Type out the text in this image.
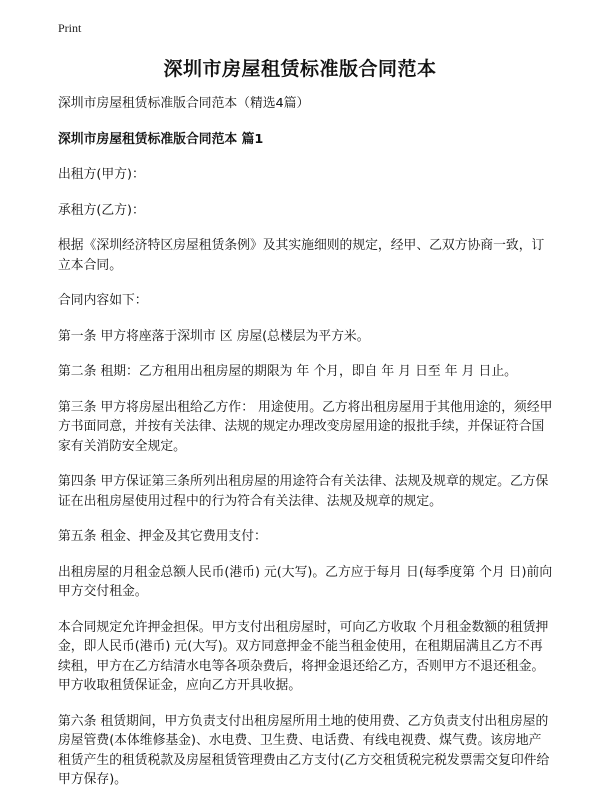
Print
深圳市房屋租赁标准版合同范本

深圳市房屋租赁标准版合同范本（精选4篇）

深圳市房屋租赁标准版合同范本 篇1

出租方(甲方)：

承租方(乙方)：

根据《深圳经济特区房屋租赁条例》及其实施细则的规定，经甲、乙双方协商一致，订立本合同。

合同内容如下：

第一条 甲方将座落于深圳市 区 房屋(总楼层为平方米。

第二条 租期：乙方租用出租房屋的期限为 年 个月，即自 年 月 日至 年 月 日止。

第三条 甲方将房屋出租给乙方作： 用途使用。乙方将出租房屋用于其他用途的，须经甲方书面同意，并按有关法律、法规的规定办理改变房屋用途的报批手续，并保证符合国家有关消防安全规定。

第四条 甲方保证第三条所列出租房屋的用途符合有关法律、法规及规章的规定。乙方保证在出租房屋使用过程中的行为符合有关法律、法规及规章的规定。

第五条 租金、押金及其它费用支付：

出租房屋的月租金总额人民币(港币) 元(大写)。乙方应于每月 日(每季度第 个月 日)前向甲方交付租金。

本合同规定允许押金担保。甲方支付出租房屋时，可向乙方收取 个月租金数额的租赁押金，即人民币(港币) 元(大写)。双方同意押金不能当租金使用，在租期届满且乙方不再续租，甲方在乙方结清水电等各项杂费后，将押金退还给乙方，否则甲方不退还租金。甲方收取租赁保证金，应向乙方开具收据。

第六条 租赁期间，甲方负责支付出租房屋所用土地的使用费、乙方负责支付出租房屋的房屋管费(本体维修基金)、水电费、卫生费、电话费、有线电视费、煤气费。该房地产租赁产生的租赁税款及房屋租赁管理费由乙方支付(乙方交租赁税完税发票需交复印件给甲方保存)。
